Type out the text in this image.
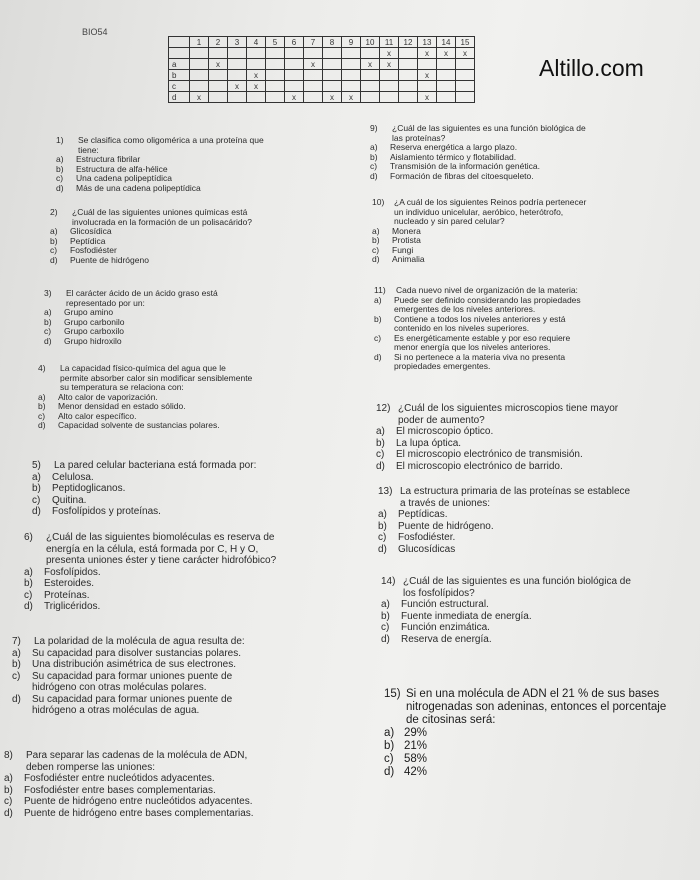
BIO54
Altillo.com
	1	2	3	4	5	6	7	8	9	10	11	12	13	14	15
											x		x	x	x
a		x					x			x	x				
b				x									x		
c			x	x											
d	x					x		x	x				x		
1) Se clasifica como oligomérica a una proteína que
tiene:
a) Estructura fibrilar
b) Estructura de alfa-hélice
c) Una cadena polipeptídica
d) Más de una cadena polipeptídica
2) ¿Cuál de las siguientes uniones químicas está
involucrada en la formación de un polisacárido?
a) Glicosídica
b) Peptídica
c) Fosfodiéster
d) Puente de hidrógeno
3) El carácter ácido de un ácido graso está
representado por un:
a) Grupo amino
b) Grupo carbonilo
c) Grupo carboxilo
d) Grupo hidroxilo
4) La capacidad físico-química del agua que le
permite absorber calor sin modificar sensiblemente
su temperatura se relaciona con:
a) Alto calor de vaporización.
b) Menor densidad en estado sólido.
c) Alto calor específico.
d) Capacidad solvente de sustancias polares.
5) La pared celular bacteriana está formada por:
a) Celulosa.
b) Peptidoglicanos.
c) Quitina.
d) Fosfolípidos y proteínas.
6) ¿Cuál de las siguientes biomoléculas es reserva de
energía en la célula, está formada por C, H y O,
presenta uniones éster y tiene carácter hidrofóbico?
a) Fosfolípidos.
b) Esteroides.
c) Proteínas.
d) Triglicéridos.
7) La polaridad de la molécula de agua resulta de:
a) Su capacidad para disolver sustancias polares.
b) Una distribución asimétrica de sus electrones.
c) Su capacidad para formar uniones puente de
hidrógeno con otras moléculas polares.
d) Su capacidad para formar uniones puente de
hidrógeno a otras moléculas de agua.
8) Para separar las cadenas de la molécula de ADN,
deben romperse las uniones:
a) Fosfodiéster entre nucleótidos adyacentes.
b) Fosfodiéster entre bases complementarias.
c) Puente de hidrógeno entre nucleótidos adyacentes.
d) Puente de hidrógeno entre bases complementarias.
9) ¿Cuál de las siguientes es una función biológica de
las proteínas?
a) Reserva energética a largo plazo.
b) Aislamiento térmico y flotabilidad.
c) Transmisión de la información genética.
d) Formación de fibras del citoesqueleto.
10) ¿A cuál de los siguientes Reinos podría pertenecer
un individuo unicelular, aeróbico, heterótrofo,
nucleado y sin pared celular?
a) Monera
b) Protista
c) Fungi
d) Animalia
11) Cada nuevo nivel de organización de la materia:
a) Puede ser definido considerando las propiedades
emergentes de los niveles anteriores.
b) Contiene a todos los niveles anteriores y está
contenido en los niveles superiores.
c) Es energéticamente estable y por eso requiere
menor energía que los niveles anteriores.
d) Si no pertenece a la materia viva no presenta
propiedades emergentes.
12) ¿Cuál de los siguientes microscopios tiene mayor
poder de aumento?
a) El microscopio óptico.
b) La lupa óptica.
c) El microscopio electrónico de transmisión.
d) El microscopio electrónico de barrido.
13) La estructura primaria de las proteínas se establece
a través de uniones:
a) Peptídicas.
b) Puente de hidrógeno.
c) Fosfodiéster.
d) Glucosídicas
14) ¿Cuál de las siguientes es una función biológica de
los fosfolípidos?
a) Función estructural.
b) Fuente inmediata de energía.
c) Función enzimática.
d) Reserva de energía.
15) Si en una molécula de ADN el 21 % de sus bases
nitrogenadas son adeninas, entonces el porcentaje
de citosinas será:
a) 29%
b) 21%
c) 58%
d) 42%
